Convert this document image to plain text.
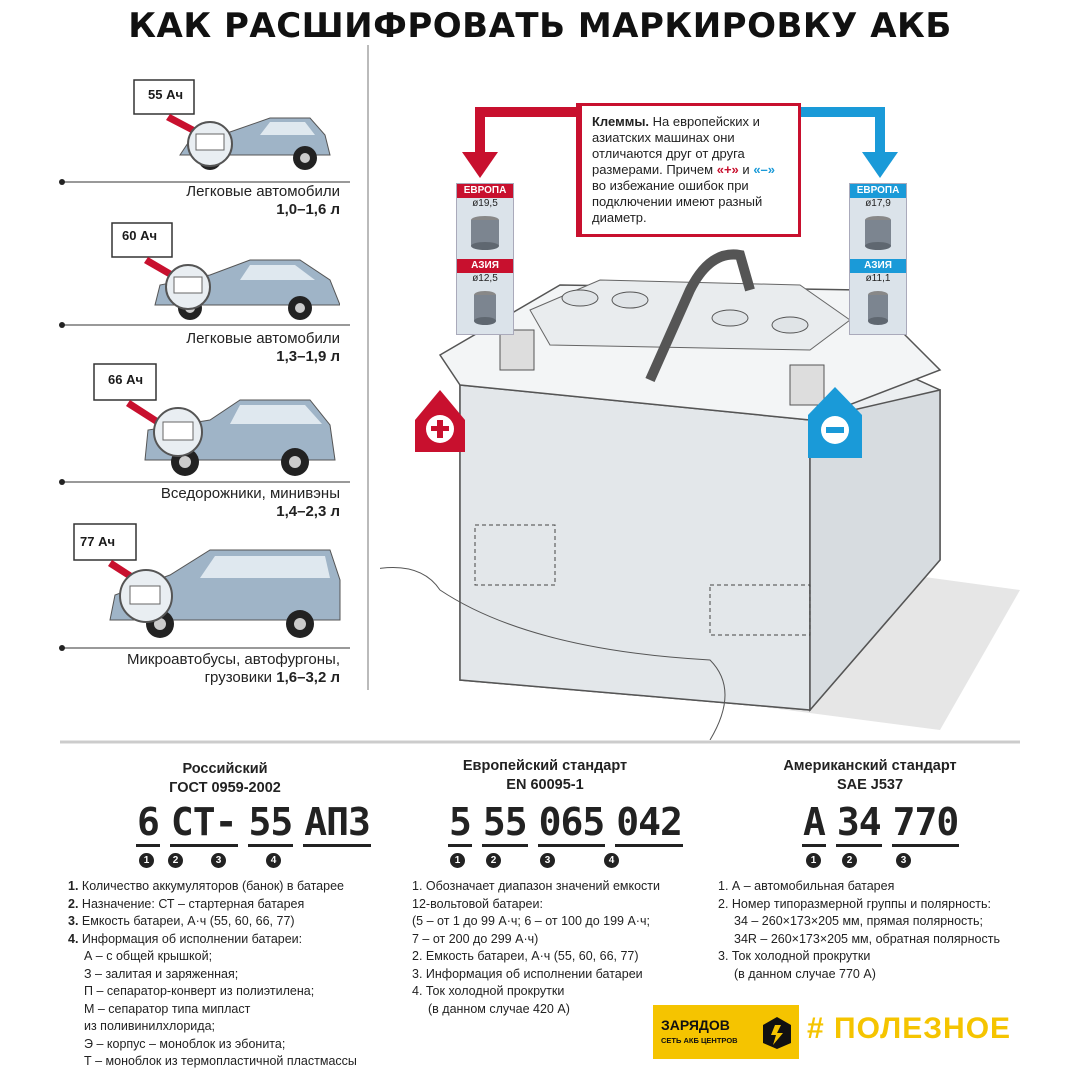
КАК РАСШИФРОВАТЬ МАРКИРОВКУ АКБ
55 Ач
Легковые автомобили
1,0–1,6 л
60 Ач
Легковые автомобили
1,3–1,9 л
66 Ач
Вседорожники, минивэны
1,4–2,3 л
77 Ач
Микроавтобусы, автофургоны,
грузовики 1,6–3,2 л
Клеммы. На европейских и азиатских машинах они отличаются друг от друга размерами. Причем «+» и «–» во избежание ошибок при подключении имеют разный диаметр.
ЕВРОПА
ø19,5
АЗИЯ
ø12,5
ЕВРОПА
ø17,9
АЗИЯ
ø11,1
Российский
ГОСТ 0959-2002
6 СТ- 55 АПЗ
1	2	3	4
1. Количество аккумуляторов (банок) в батарее
2. Назначение: СТ – стартерная батарея
3. Емкость батареи, А·ч (55, 60, 66, 77)
4. Информация об исполнении батареи:
А – с общей крышкой;
З – залитая и заряженная;
П – сепаратор-конверт из полиэтилена;
М – сепаратор типа мипласт
из поливинилхлорида;
Э – корпус – моноблок из эбонита;
Т – моноблок из термопластичной пластмассы
Европейский стандарт
EN 60095-1
5 55 065 042
1	2	3	4
1. Обозначает диапазон значений емкости
12-вольтовой батареи:
(5 – от 1 до 99 А·ч; 6 – от 100 до 199 А·ч;
7 – от 200 до 299 А·ч)
2. Емкость батареи, А·ч (55, 60, 66, 77)
3. Информация об исполнении батареи
4. Ток холодной прокрутки
(в данном случае 420 А)
Американский стандарт
SAE J537
A 34 770
1	2	3
1. А – автомобильная батарея
2. Номер типоразмерной группы и полярность:
34 – 260×173×205 мм, прямая полярность;
34R – 260×173×205 мм, обратная полярность
3. Ток холодной прокрутки
(в данном случае 770 А)
ЗАРЯДОВ
СЕТЬ АКБ ЦЕНТРОВ # ПОЛЕЗНОЕ
